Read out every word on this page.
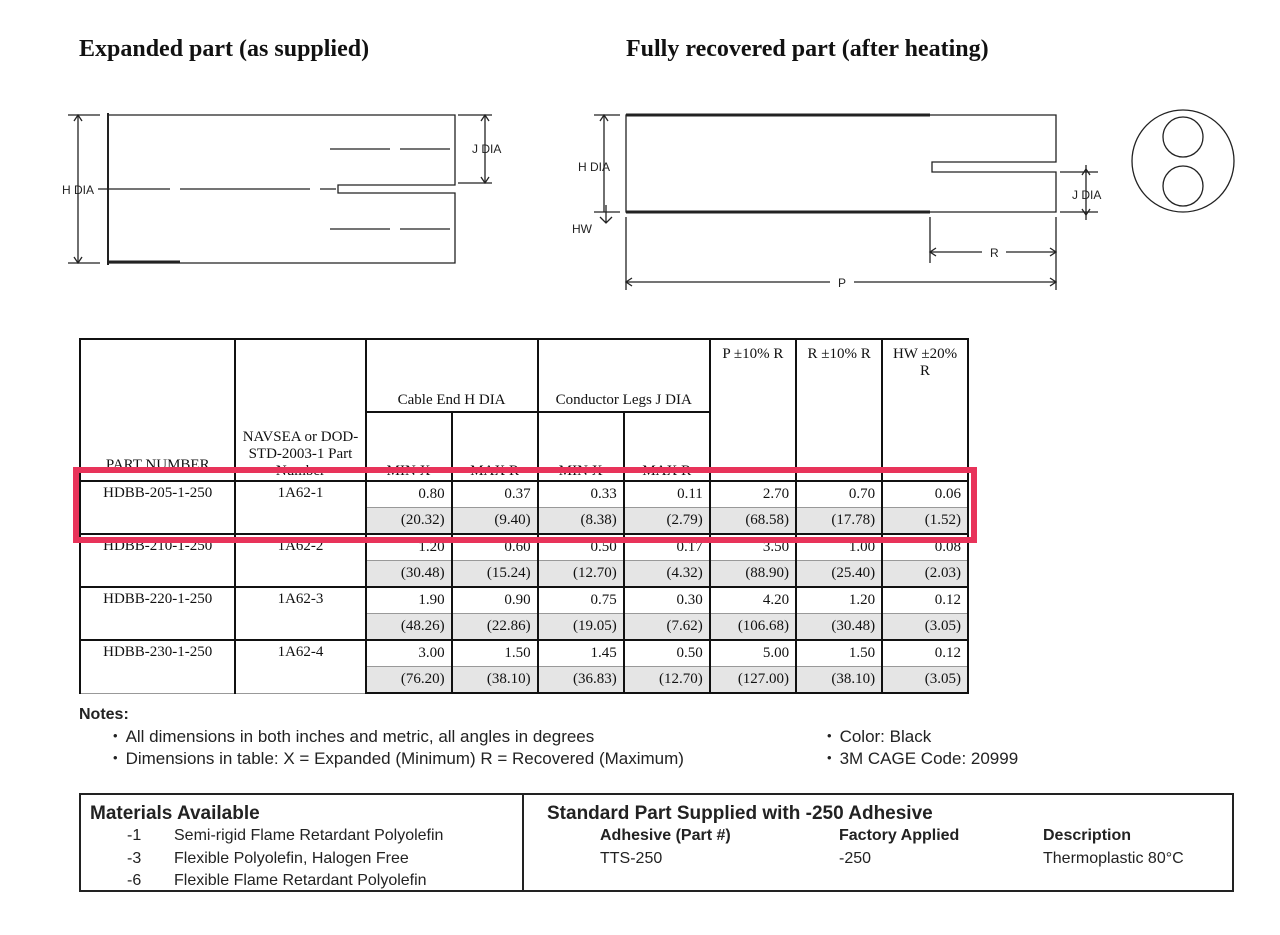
Expanded part (as supplied)	Fully recovered part (after heating)
H DIA
J DIA
H DIA
HW
J DIA
R
P
PART NUMBER	NAVSEA or DOD-STD-2003-1 Part Number	Cable End H DIA		Conductor Legs J DIA		P ±10% R	R ±10% R	HW ±20% R
		MIN X	MAX R	MIN X	MAX R			
HDBB-205-1-250	1A62-1	0.80	0.37	0.33	0.11	2.70	0.70	0.06
		(20.32)	(9.40)	(8.38)	(2.79)	(68.58)	(17.78)	(1.52)
HDBB-210-1-250	1A62-2	1.20	0.60	0.50	0.17	3.50	1.00	0.08
		(30.48)	(15.24)	(12.70)	(4.32)	(88.90)	(25.40)	(2.03)
HDBB-220-1-250	1A62-3	1.90	0.90	0.75	0.30	4.20	1.20	0.12
		(48.26)	(22.86)	(19.05)	(7.62)	(106.68)	(30.48)	(3.05)
HDBB-230-1-250	1A62-4	3.00	1.50	1.45	0.50	5.00	1.50	0.12
		(76.20)	(38.10)	(36.83)	(12.70)	(127.00)	(38.10)	(3.05)
Notes:
• All dimensions in both inches and metric, all angles in degrees
• Dimensions in table: X = Expanded (Minimum) R = Recovered (Maximum)
• Color: Black
• 3M CAGE Code: 20999
Materials Available
-1 Semi-rigid Flame Retardant Polyolefin
-3 Flexible Polyolefin, Halogen Free
-6 Flexible Flame Retardant Polyolefin
Standard Part Supplied with -250 Adhesive
Adhesive (Part #)	Factory Applied	Description
TTS-250	-250	Thermoplastic 80°C
